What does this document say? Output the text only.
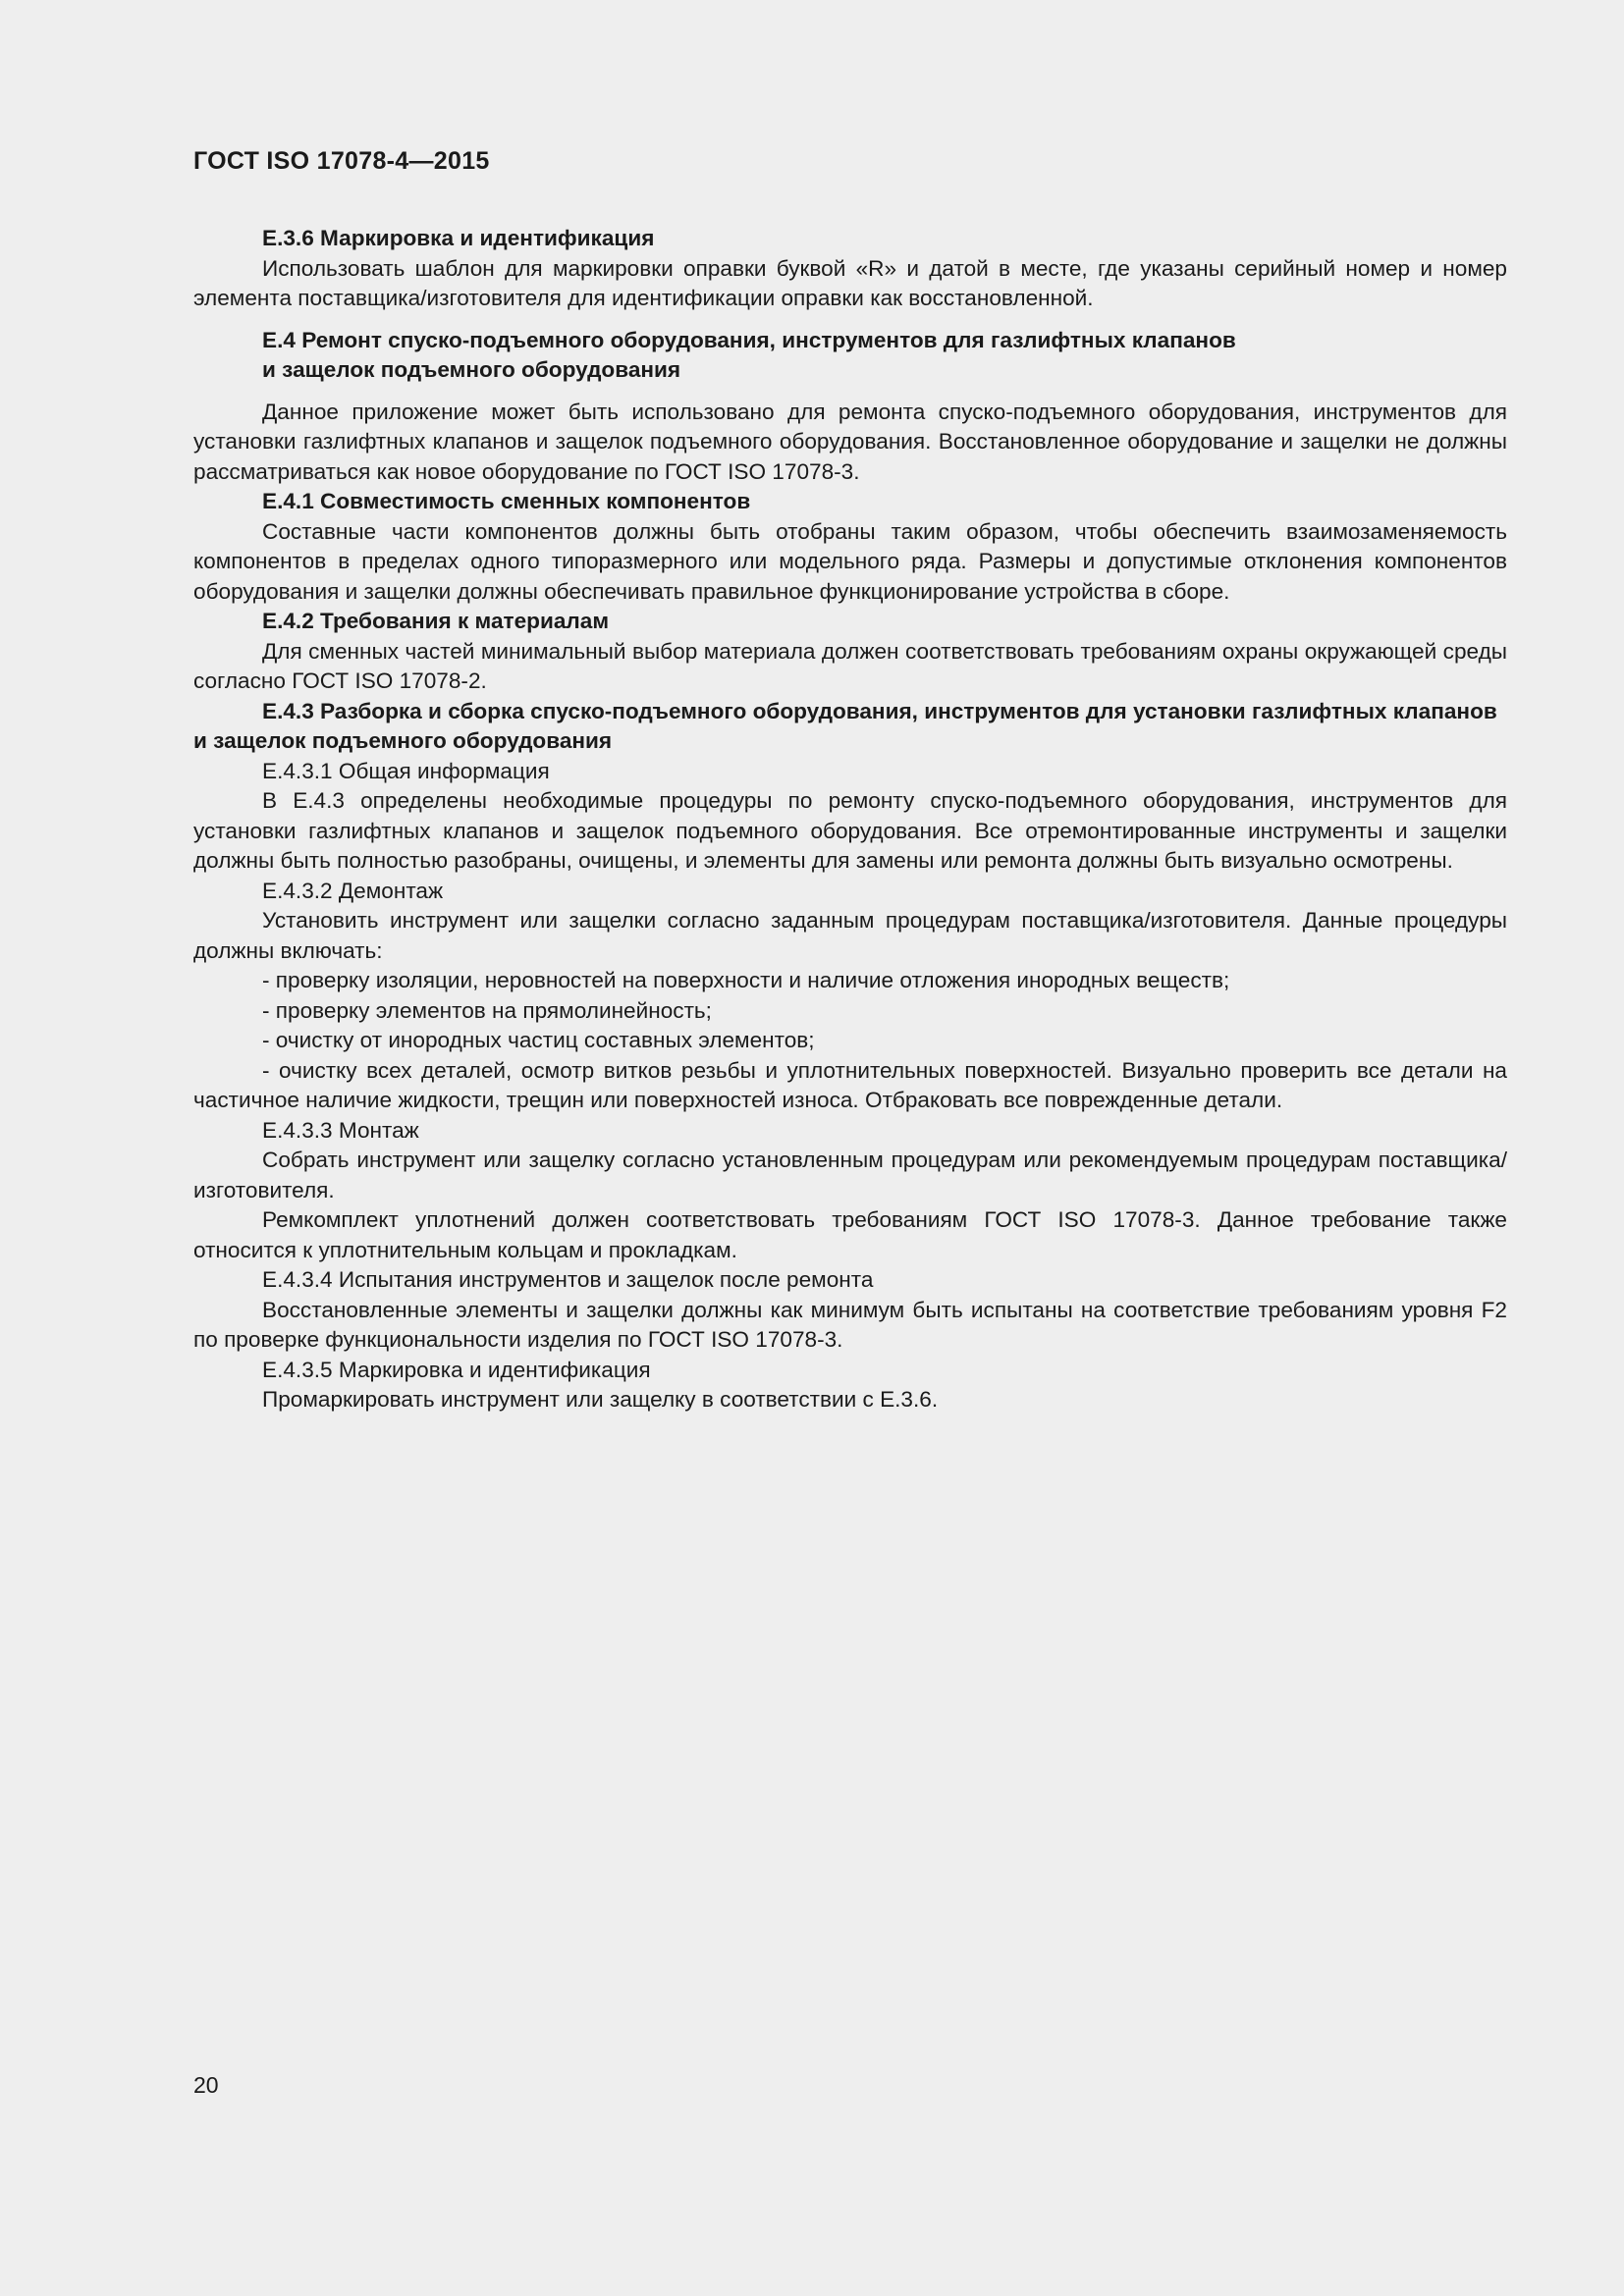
ГОСТ ISO 17078-4—2015

Е.3.6 Маркировка и идентификация

Использовать шаблон для маркировки оправки буквой «R» и датой в месте, где указаны серийный номер и номер элемента поставщика/изготовителя для идентификации оправки как восстановленной.

Е.4 Ремонт спуско-подъемного оборудования, инструментов для газлифтных клапанов

и защелок подъемного оборудования

Данное приложение может быть использовано для ремонта спуско-подъемного оборудования, инструментов для установки газлифтных клапанов и защелок подъемного оборудования. Восстановленное оборудование и защелки не должны рассматриваться как новое оборудование по ГОСТ ISO 17078-3.

Е.4.1 Совместимость сменных компонентов

Составные части компонентов должны быть отобраны таким образом, чтобы обеспечить взаимозаменяемость компонентов в пределах одного типоразмерного или модельного ряда. Размеры и допустимые отклонения компонентов оборудования и защелки должны обеспечивать правильное функционирование устройства в сборе.

Е.4.2 Требования к материалам

Для сменных частей минимальный выбор материала должен соответствовать требованиям охраны окружающей среды согласно ГОСТ ISO 17078-2.

Е.4.3 Разборка и сборка спуско-подъемного оборудования, инструментов для установки газлифтных клапанов и защелок подъемного оборудования

Е.4.3.1 Общая информация

В Е.4.3 определены необходимые процедуры по ремонту спуско-подъемного оборудования, инструментов для установки газлифтных клапанов и защелок подъемного оборудования. Все отремонтированные инструменты и защелки должны быть полностью разобраны, очищены, и элементы для замены или ремонта должны быть визуально осмотрены.

Е.4.3.2 Демонтаж

Установить инструмент или защелки согласно заданным процедурам поставщика/изготовителя. Данные процедуры должны включать:

- проверку изоляции, неровностей на поверхности и наличие отложения инородных веществ;

- проверку элементов на прямолинейность;

- очистку от инородных частиц составных элементов;

- очистку всех деталей, осмотр витков резьбы и уплотнительных поверхностей. Визуально проверить все детали на частичное наличие жидкости, трещин или поверхностей износа. Отбраковать все поврежденные детали.

Е.4.3.3 Монтаж

Собрать инструмент или защелку согласно установленным процедурам или рекомендуемым процедурам поставщика/изготовителя.

Ремкомплект уплотнений должен соответствовать требованиям ГОСТ ISO 17078-3. Данное требование также относится к уплотнительным кольцам и прокладкам.

Е.4.3.4 Испытания инструментов и защелок после ремонта

Восстановленные элементы и защелки должны как минимум быть испытаны на соответствие требованиям уровня F2 по проверке функциональности изделия по ГОСТ ISO 17078-3.

Е.4.3.5 Маркировка и идентификация

Промаркировать инструмент или защелку в соответствии с Е.3.6.

20
